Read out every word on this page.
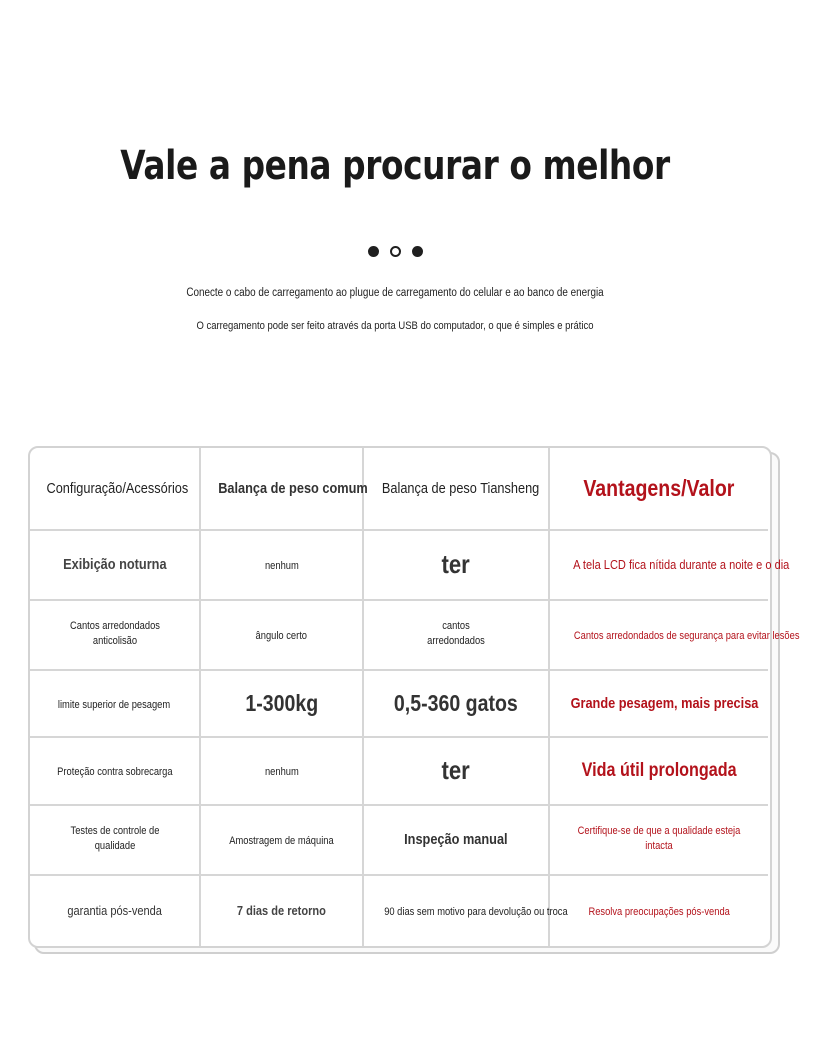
Vale a pena procurar o melhor

Conecte o cabo de carregamento ao plugue de carregamento do celular e ao banco de energia

O carregamento pode ser feito através da porta USB do computador, o que é simples e prático

Configuração/Acessórios	Balança de peso comum	Balança de peso Tiansheng	Vantagens/Valor
Exibição noturna	nenhum	ter	A tela LCD fica nítida durante a noite e o dia
Cantos arredondados anticolisão	ângulo certo	cantos arredondados	Cantos arredondados de segurança para evitar lesões
limite superior de pesagem	1-300kg	0,5-360 gatos	Grande pesagem, mais precisa
Proteção contra sobrecarga	nenhum	ter	Vida útil prolongada
Testes de controle de qualidade	Amostragem de máquina	Inspeção manual	Certifique-se de que a qualidade esteja intacta
garantia pós-venda	7 dias de retorno	90 dias sem motivo para devolução ou troca	Resolva preocupações pós-venda
